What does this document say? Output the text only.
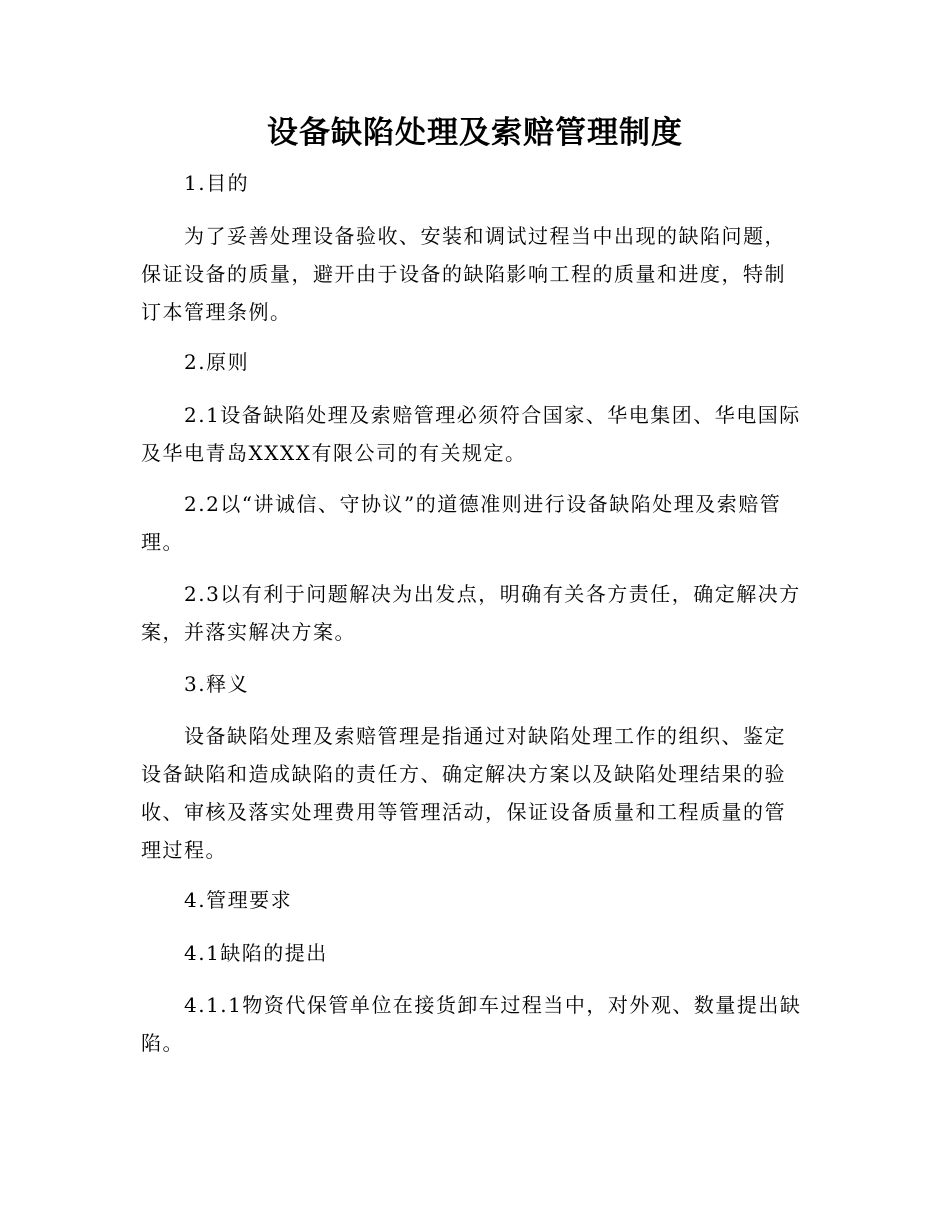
设备缺陷处理及索赔管理制度
1.目的
为了妥善处理设备验收、安装和调试过程当中出现的缺陷问题，
保证设备的质量，避开由于设备的缺陷影响工程的质量和进度，特制
订本管理条例。
2.原则
2.1设备缺陷处理及索赔管理必须符合国家、华电集团、华电国际
及华电青岛XXXX有限公司的有关规定。
2.2以“讲诚信、守协议”的道德准则进行设备缺陷处理及索赔管
理。
2.3以有利于问题解决为出发点，明确有关各方责任，确定解决方
案，并落实解决方案。
3.释义
设备缺陷处理及索赔管理是指通过对缺陷处理工作的组织、鉴定
设备缺陷和造成缺陷的责任方、确定解决方案以及缺陷处理结果的验
收、审核及落实处理费用等管理活动，保证设备质量和工程质量的管
理过程。
4.管理要求
4.1缺陷的提出
4.1.1物资代保管单位在接货卸车过程当中，对外观、数量提出缺
陷。
